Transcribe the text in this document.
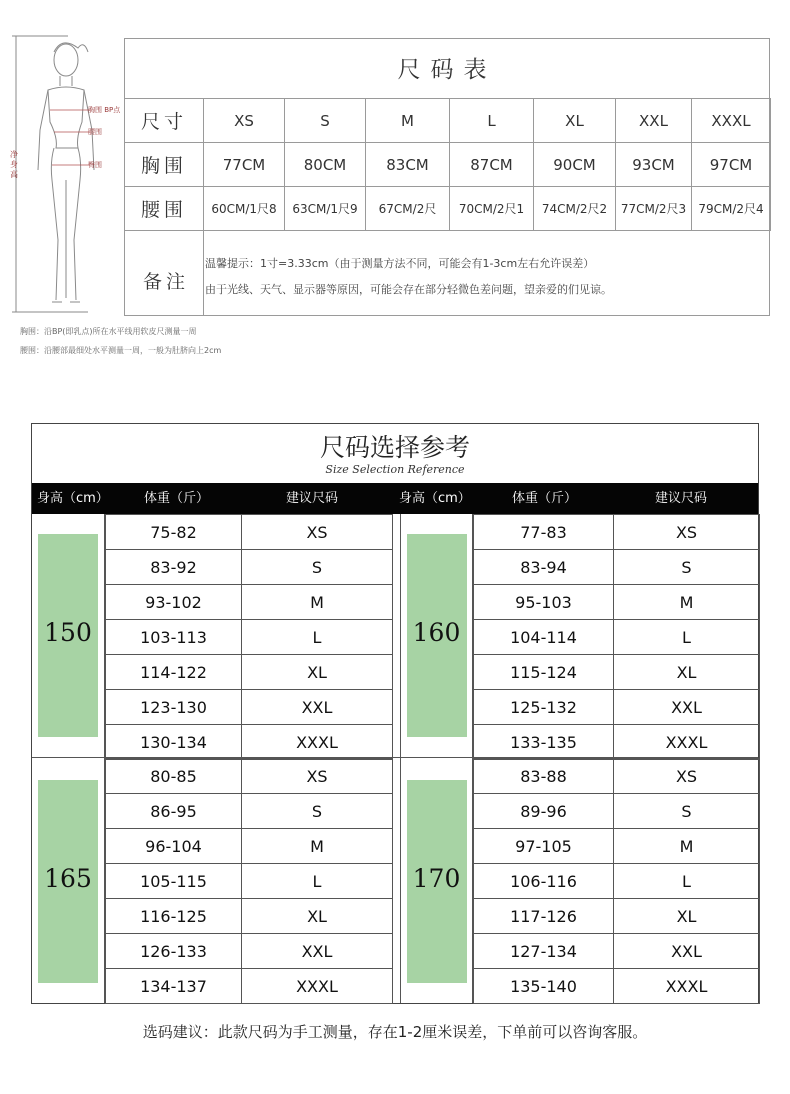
胸围 BP点
腰围
臀围
净身高
胸围：沿BP(即乳点)所在水平线用软皮尺测量一周
腰围：沿腰部最细处水平测量一周，一般为肚脐向上2cm
尺码表
尺寸	XS	S	M	L	XL	XXL	XXXL
胸围	77CM	80CM	83CM	87CM	90CM	93CM	97CM
腰围	60CM/1尺8	63CM/1尺9	67CM/2尺	70CM/2尺1	74CM/2尺2	77CM/2尺3	79CM/2尺4
备注
温馨提示：1寸=3.33cm（由于测量方法不同，可能会有1-3cm左右允许误差）
由于光线、天气、显示器等原因，可能会存在部分轻微色差问题，望亲爱的们见谅。
尺码选择参考
Size Selection Reference
身高（cm）	体重（斤）	建议尺码	身高（cm）	体重（斤）	建议尺码
150
75-82	XS
83-92	S
93-102	M
103-113	L
114-122	XL
123-130	XXL
130-134	XXXL
160
77-83	XS
83-94	S
95-103	M
104-114	L
115-124	XL
125-132	XXL
133-135	XXXL
165
80-85	XS
86-95	S
96-104	M
105-115	L
116-125	XL
126-133	XXL
134-137	XXXL
170
83-88	XS
89-96	S
97-105	M
106-116	L
117-126	XL
127-134	XXL
135-140	XXXL
选码建议：此款尺码为手工测量，存在1-2厘米误差，下单前可以咨询客服。
